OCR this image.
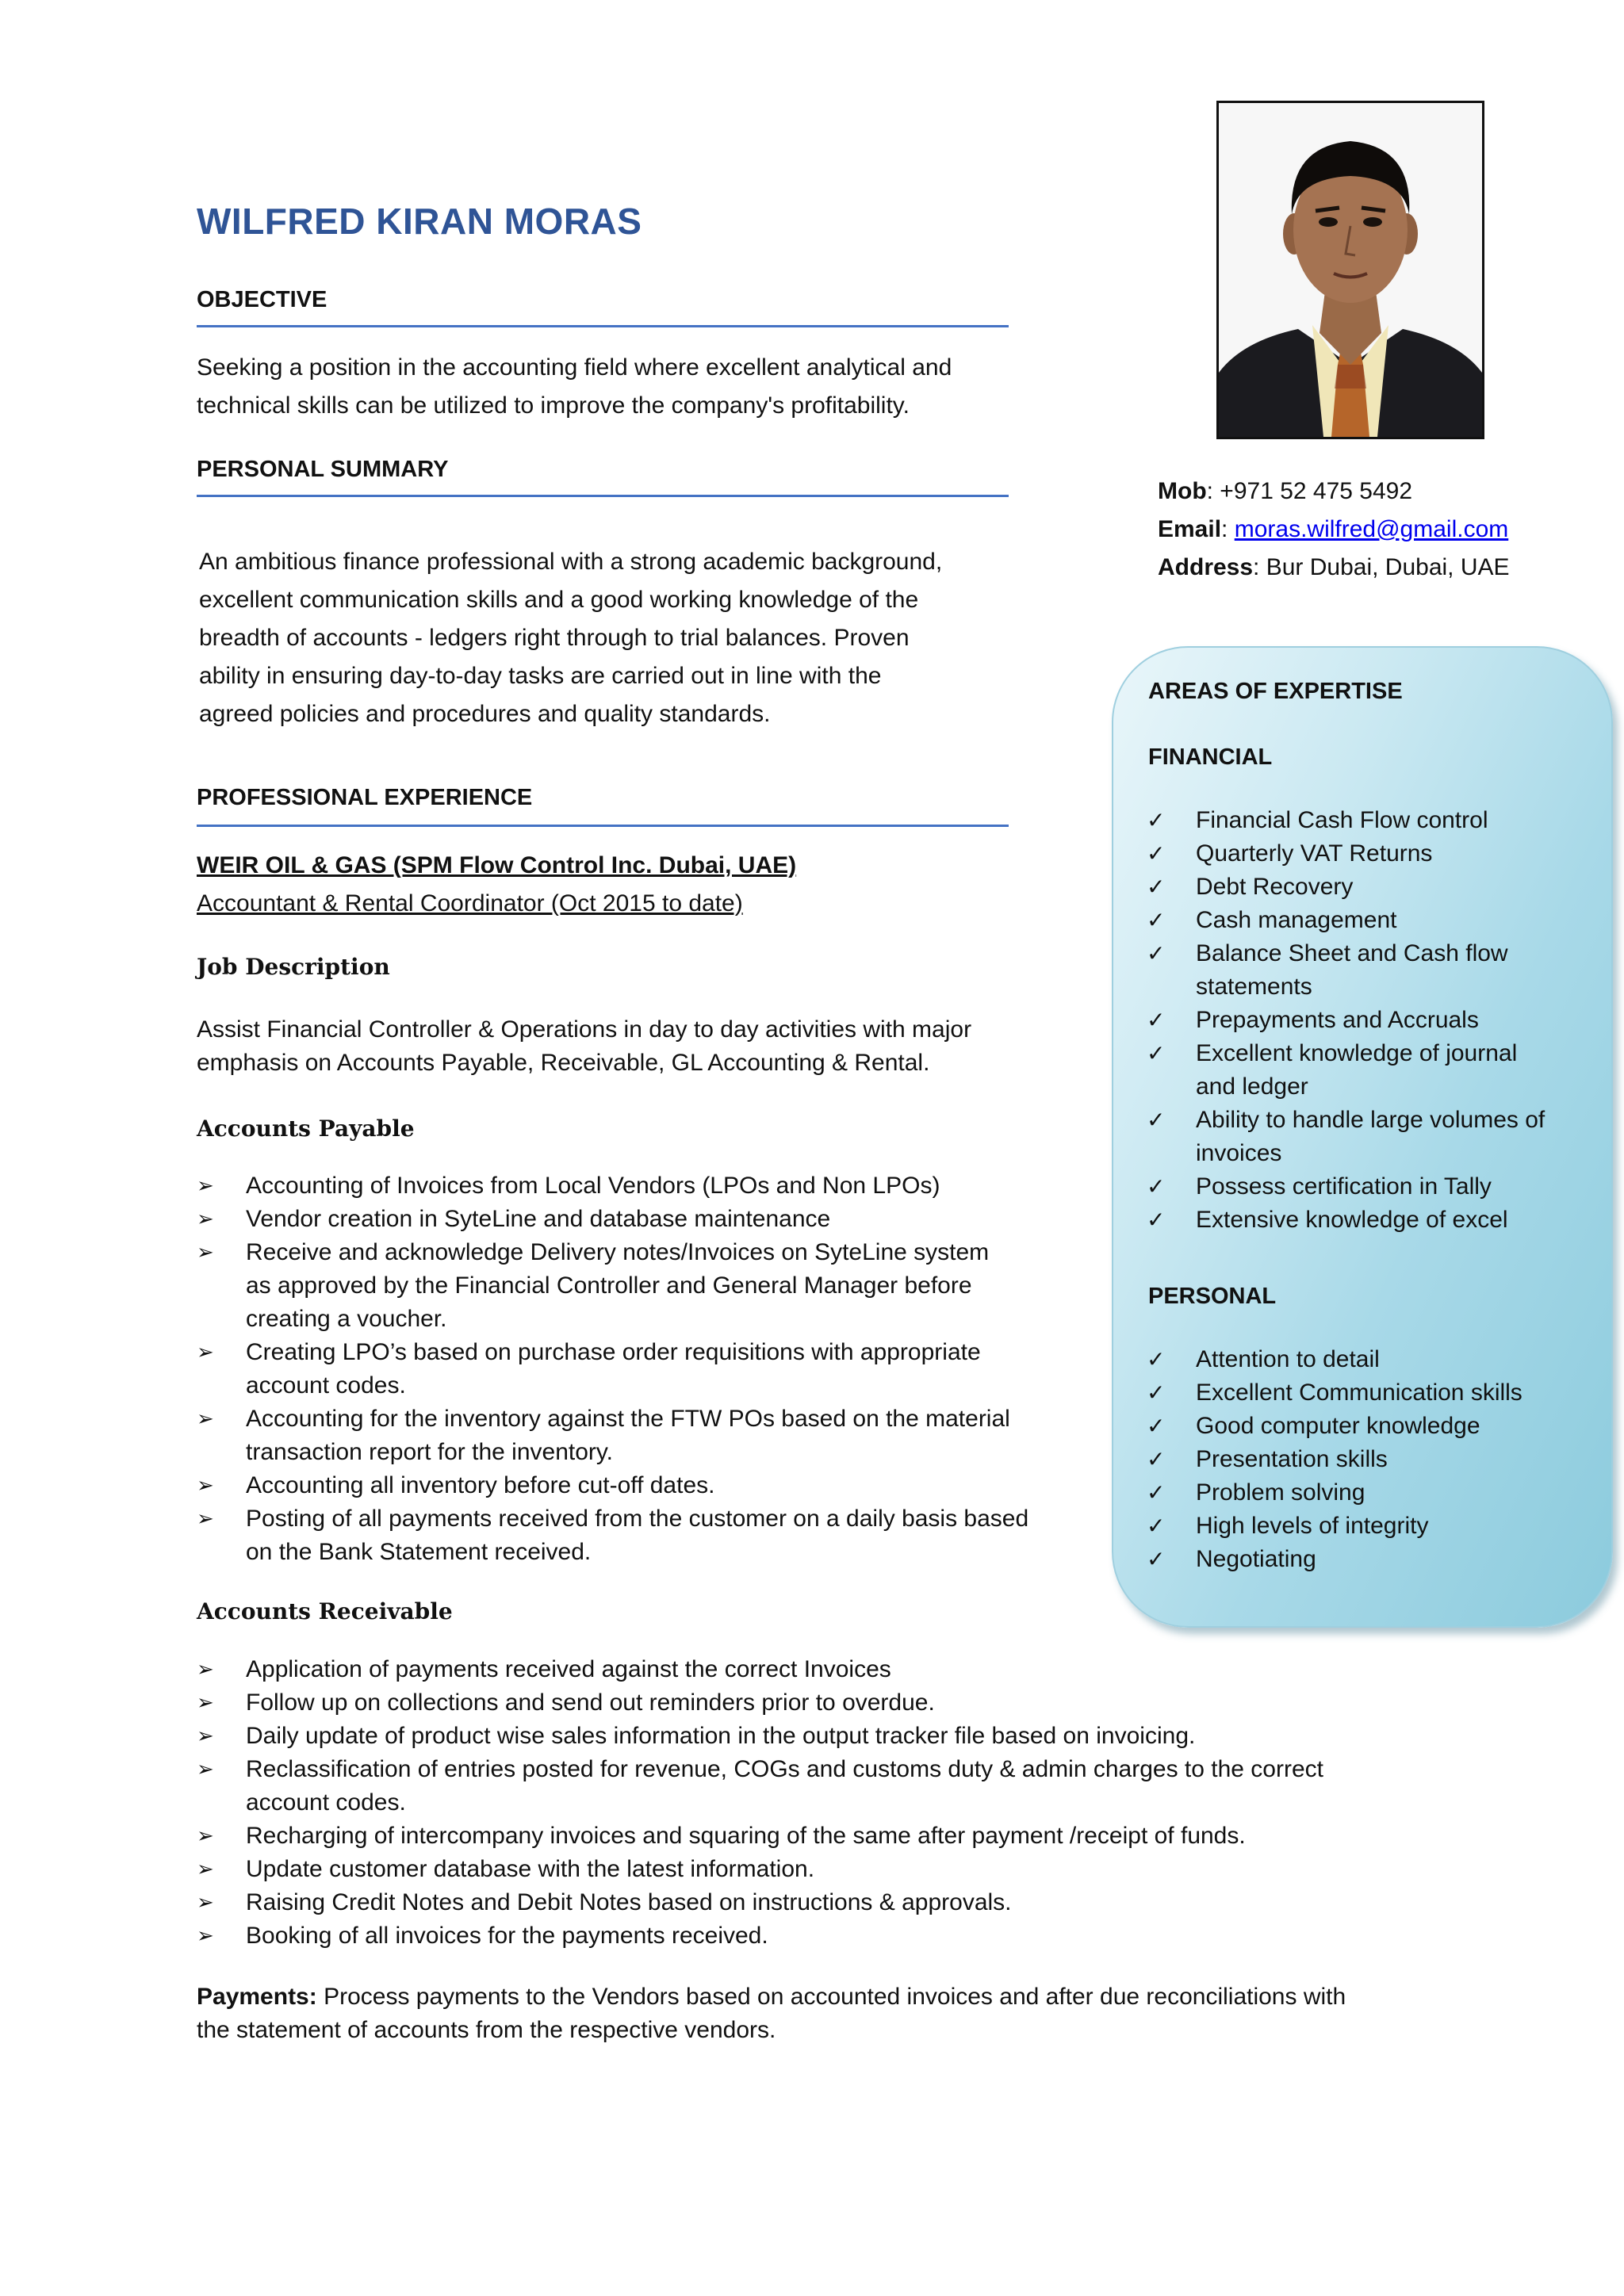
WILFRED KIRAN MORAS
OBJECTIVE

Seeking a position in the accounting field where excellent analytical and

technical skills can be utilized to improve the company's profitability.

PERSONAL SUMMARY

An ambitious finance professional with a strong academic background,

excellent communication skills and a good working knowledge of the

breadth of accounts - ledgers right through to trial balances. Proven

ability in ensuring day-to-day tasks are carried out in line with the

agreed policies and procedures and quality standards.

PROFESSIONAL EXPERIENCE
WEIR OIL & GAS (SPM Flow Control Inc. Dubai, UAE)
Accountant & Rental Coordinator (Oct 2015 to date)
Job Description

Assist Financial Controller & Operations in day to day activities with major

emphasis on Accounts Payable, Receivable, GL Accounting & Rental.

Accounts Payable
➢	Accounting of Invoices from Local Vendors (LPOs and Non LPOs)
➢	Vendor creation in SyteLine and database maintenance
➢	Receive and acknowledge Delivery notes/Invoices on SyteLine system
as approved by the Financial Controller and General Manager before
creating a voucher.
➢	Creating LPO’s based on purchase order requisitions with appropriate
account codes.
➢	Accounting for the inventory against the FTW POs based on the material
transaction report for the inventory.
➢	Accounting all inventory before cut-off dates.
➢	Posting of all payments received from the customer on a daily basis based
on the Bank Statement received.
Accounts Receivable
➢	Application of payments received against the correct Invoices
➢	Follow up on collections and send out reminders prior to overdue.
➢	Daily update of product wise sales information in the output tracker file based on invoicing.
➢	Reclassification of entries posted for revenue, COGs and customs duty & admin charges to the correct
account codes.
➢	Recharging of intercompany invoices and squaring of the same after payment /receipt of funds.
➢	Update customer database with the latest information.
➢	Raising Credit Notes and Debit Notes based on instructions & approvals.
➢	Booking of all invoices for the payments received.

Payments: Process payments to the Vendors based on accounted invoices and after due reconciliations with

the statement of accounts from the respective vendors.

Mob: +971 52 475 5492
Email: moras.wilfred@gmail.com
Address: Bur Dubai, Dubai, UAE
AREAS OF EXPERTISE
FINANCIAL
✓ Financial Cash Flow control
✓ Quarterly VAT Returns
✓ Debt Recovery
✓ Cash management
✓ Balance Sheet and Cash flow
statements
✓ Prepayments and Accruals
✓ Excellent knowledge of journal
and ledger
✓ Ability to handle large volumes of
invoices
✓ Possess certification in Tally
✓ Extensive knowledge of excel
PERSONAL
✓ Attention to detail
✓ Excellent Communication skills
✓ Good computer knowledge
✓ Presentation skills
✓ Problem solving
✓ High levels of integrity
✓ Negotiating
